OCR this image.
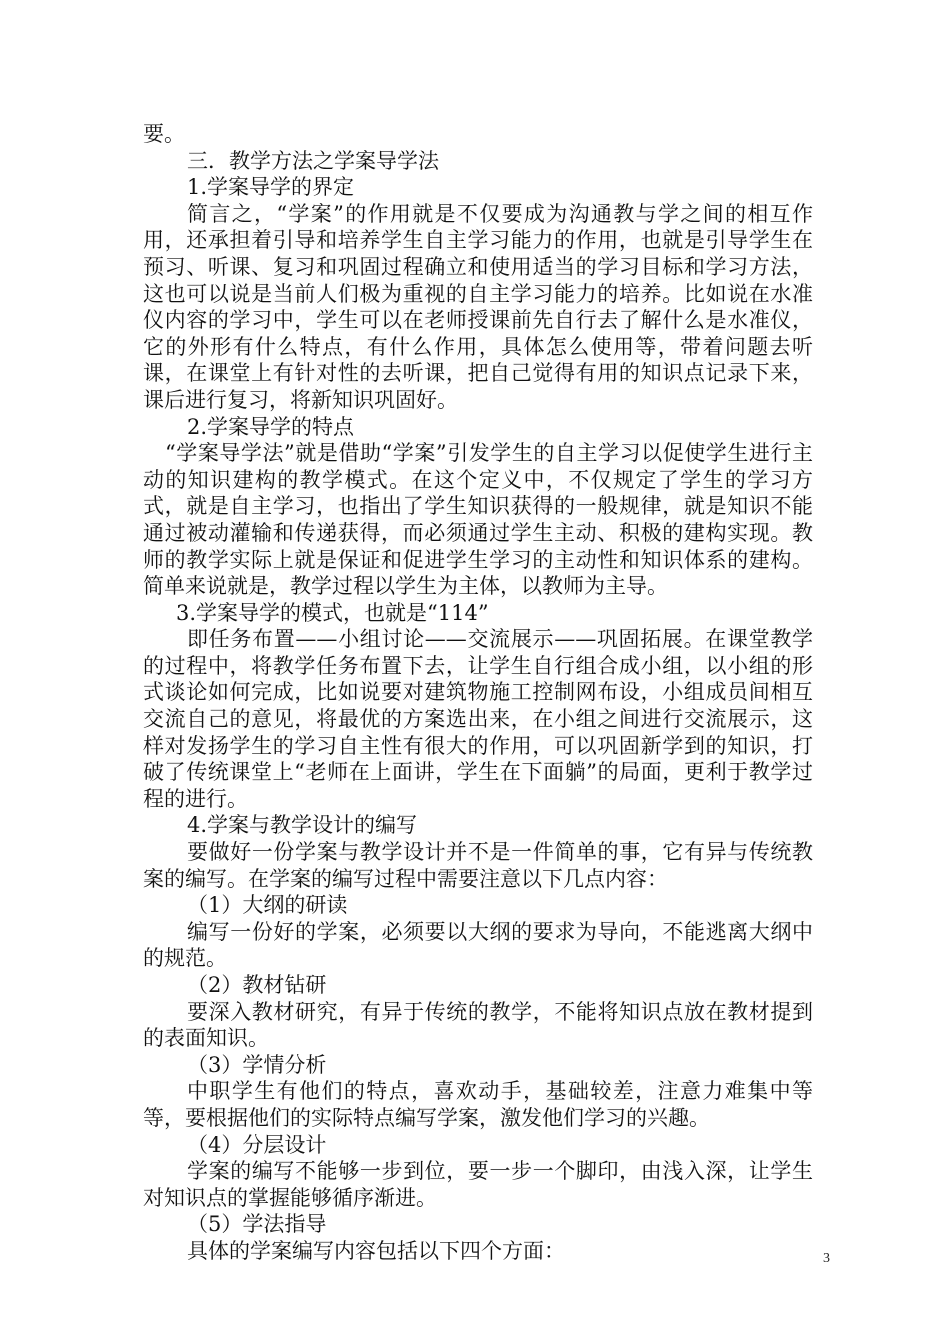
要。

三．教学方法之学案导学法

1.学案导学的界定

简言之，“学案”的作用就是不仅要成为沟通教与学之间的相互作用，还承担着引导和培养学生自主学习能力的作用，也就是引导学生在预习、听课、复习和巩固过程确立和使用适当的学习目标和学习方法，这也可以说是当前人们极为重视的自主学习能力的培养。比如说在水准仪内容的学习中，学生可以在老师授课前先自行去了解什么是水准仪，它的外形有什么特点，有什么作用，具体怎么使用等，带着问题去听课，在课堂上有针对性的去听课，把自己觉得有用的知识点记录下来，课后进行复习，将新知识巩固好。

2.学案导学的特点

“学案导学法”就是借助“学案”引发学生的自主学习以促使学生进行主动的知识建构的教学模式。在这个定义中，不仅规定了学生的学习方式，就是自主学习，也指出了学生知识获得的一般规律，就是知识不能通过被动灌输和传递获得，而必须通过学生主动、积极的建构实现。教师的教学实际上就是保证和促进学生学习的主动性和知识体系的建构。简单来说就是，教学过程以学生为主体，以教师为主导。

3.学案导学的模式，也就是“114”

即任务布置——小组讨论——交流展示——巩固拓展。在课堂教学的过程中，将教学任务布置下去，让学生自行组合成小组，以小组的形式谈论如何完成，比如说要对建筑物施工控制网布设，小组成员间相互交流自己的意见，将最优的方案选出来，在小组之间进行交流展示，这样对发扬学生的学习自主性有很大的作用，可以巩固新学到的知识，打破了传统课堂上“老师在上面讲，学生在下面躺”的局面，更利于教学过程的进行。

4.学案与教学设计的编写

要做好一份学案与教学设计并不是一件简单的事，它有异与传统教案的编写。在学案的编写过程中需要注意以下几点内容：

（1）大纲的研读

编写一份好的学案，必须要以大纲的要求为导向，不能逃离大纲中的规范。

（2）教材钻研

要深入教材研究，有异于传统的教学，不能将知识点放在教材提到的表面知识。

（3）学情分析

中职学生有他们的特点，喜欢动手，基础较差，注意力难集中等等，要根据他们的实际特点编写学案，激发他们学习的兴趣。

（4）分层设计

学案的编写不能够一步到位，要一步一个脚印，由浅入深，让学生对知识点的掌握能够循序渐进。

（5）学法指导

具体的学案编写内容包括以下四个方面：	3
